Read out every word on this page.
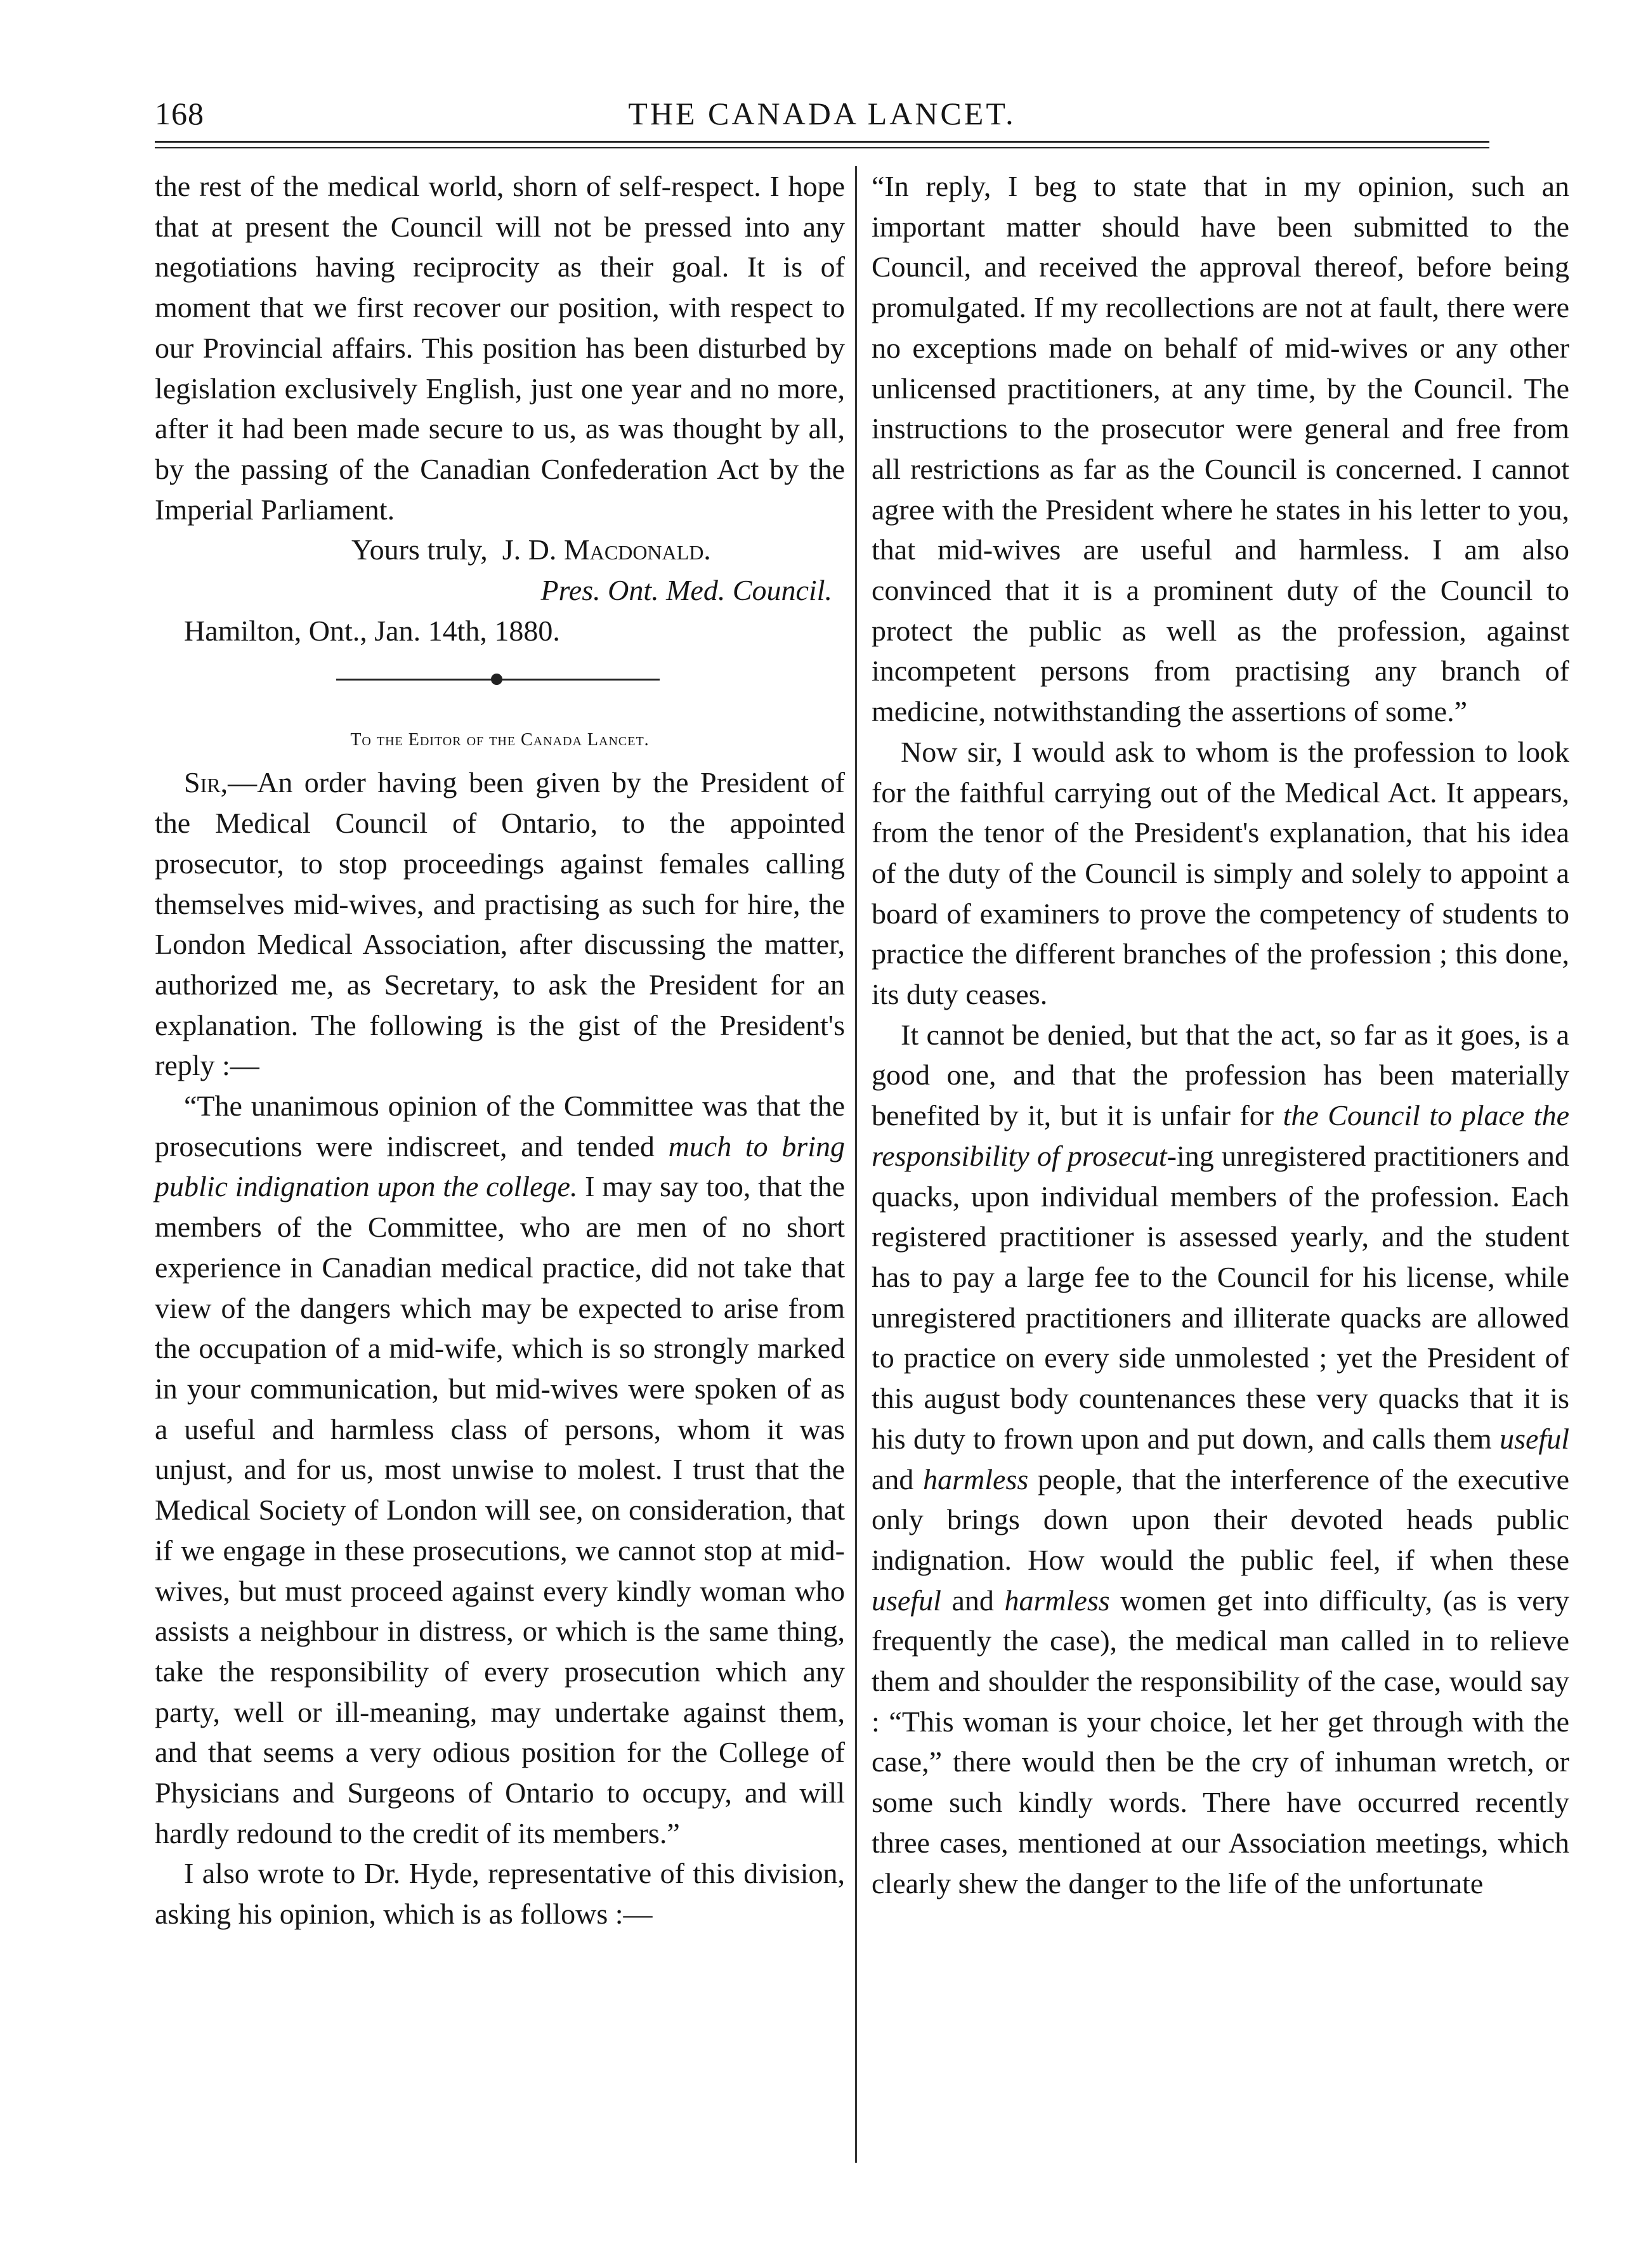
168	THE CANADA LANCET.

the rest of the medical world, shorn of self-respect. I hope that at present the Council will not be pressed into any negotiations having reciprocity as their goal. It is of moment that we first recover our position, with respect to our Provincial affairs. This position has been disturbed by legislation exclusively English, just one year and no more, after it had been made secure to us, as was thought by all, by the passing of the Canadian Confederation Act by the Imperial Parliament.

Yours truly, J. D. Macdonald.

Pres. Ont. Med. Council.

Hamilton, Ont., Jan. 14th, 1880.

To the Editor of the Canada Lancet.

Sir,—An order having been given by the President of the Medical Council of Ontario, to the appointed prosecutor, to stop proceedings against females calling themselves mid-wives, and practising as such for hire, the London Medical Association, after discussing the matter, authorized me, as Secretary, to ask the President for an explanation. The following is the gist of the President's reply :—

“The unanimous opinion of the Committee was that the prosecutions were indiscreet, and tended much to bring public indignation upon the college. I may say too, that the members of the Committee, who are men of no short experience in Canadian medical practice, did not take that view of the dangers which may be expected to arise from the occupation of a mid-wife, which is so strongly marked in your communication, but mid-wives were spoken of as a useful and harmless class of persons, whom it was unjust, and for us, most unwise to molest. I trust that the Medical Society of London will see, on consideration, that if we engage in these prosecutions, we cannot stop at mid-wives, but must proceed against every kindly woman who assists a neighbour in distress, or which is the same thing, take the responsibility of every prosecution which any party, well or ill-meaning, may undertake against them, and that seems a very odious position for the College of Physicians and Surgeons of Ontario to occupy, and will hardly redound to the credit of its members.”

I also wrote to Dr. Hyde, representative of this division, asking his opinion, which is as follows :—

“In reply, I beg to state that in my opinion, such an important matter should have been submitted to the Council, and received the approval thereof, before being promulgated. If my recollections are not at fault, there were no exceptions made on behalf of mid-wives or any other unlicensed practitioners, at any time, by the Council. The instructions to the prosecutor were general and free from all restrictions as far as the Council is concerned. I cannot agree with the President where he states in his letter to you, that mid-wives are useful and harmless. I am also convinced that it is a prominent duty of the Council to protect the public as well as the profession, against incompetent persons from practising any branch of medicine, notwithstanding the assertions of some.”

Now sir, I would ask to whom is the profession to look for the faithful carrying out of the Medical Act. It appears, from the tenor of the President's explanation, that his idea of the duty of the Council is simply and solely to appoint a board of examiners to prove the competency of students to practice the different branches of the profession ; this done, its duty ceases.

It cannot be denied, but that the act, so far as it goes, is a good one, and that the profession has been materially benefited by it, but it is unfair for the Council to place the responsibility of prosecut-ing unregistered practitioners and quacks, upon individual members of the profession. Each registered practitioner is assessed yearly, and the student has to pay a large fee to the Council for his license, while unregistered practitioners and illiterate quacks are allowed to practice on every side unmolested ; yet the President of this august body countenances these very quacks that it is his duty to frown upon and put down, and calls them useful and harmless people, that the interference of the executive only brings down upon their devoted heads public indignation. How would the public feel, if when these useful and harmless women get into difficulty, (as is very frequently the case), the medical man called in to relieve them and shoulder the responsibility of the case, would say : “This woman is your choice, let her get through with the case,” there would then be the cry of inhuman wretch, or some such kindly words. There have occurred recently three cases, mentioned at our Association meetings, which clearly shew the danger to the life of the unfortunate
